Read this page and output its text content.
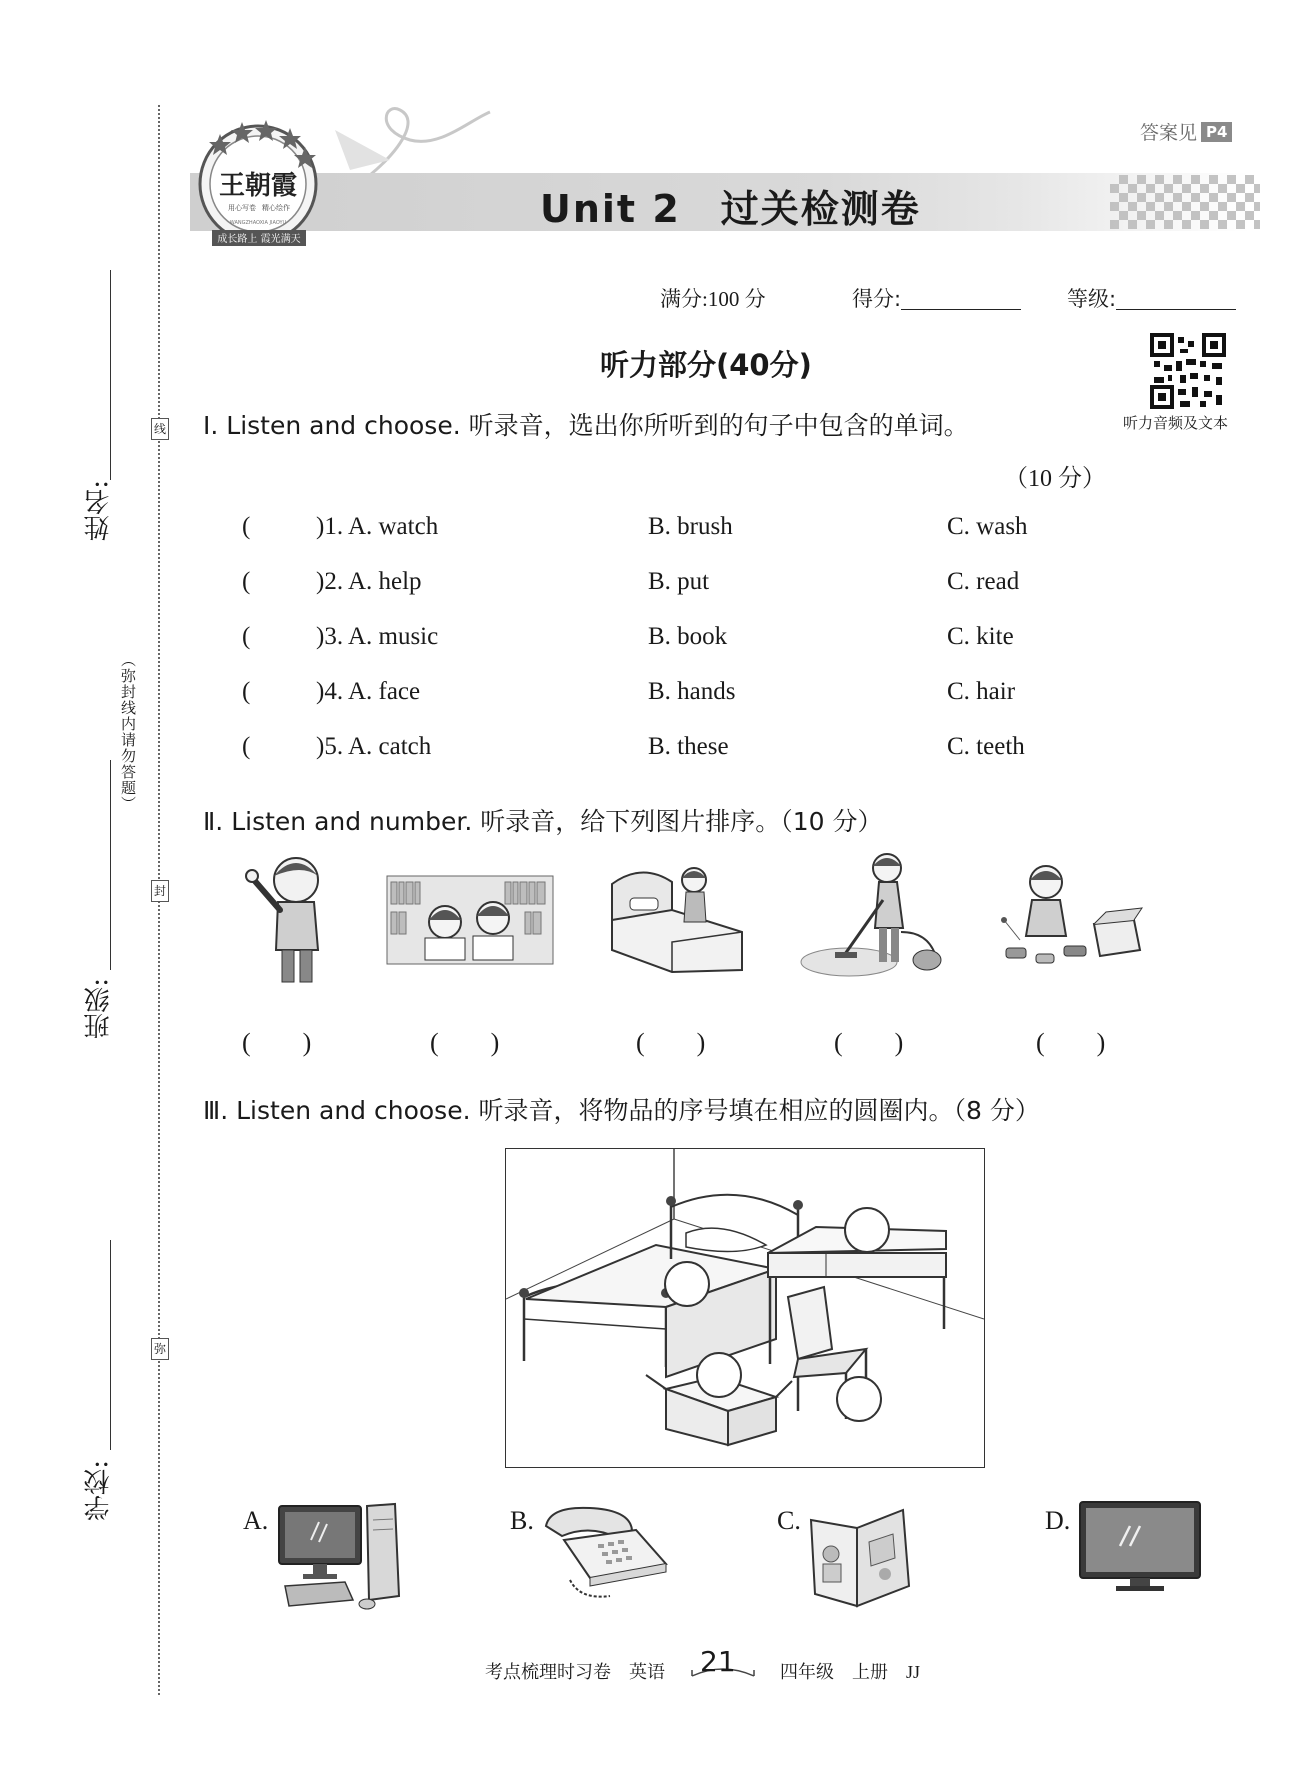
线
封
弥
姓名:
班级:
学校:
（弥封线内请勿答题）
王朝霞
用心写卷 精心绘作
WANGZHAOXIA JIAOYU
成长路上 霞光满天
Unit 2　过关检测卷
答案见 P4
满分:100 分	得分:	等级:
听力部分(40分)
听力音频及文本
Ⅰ. Listen and choose. 听录音，选出你所听到的句子中包含的单词。
（10 分）
(	)1. A. watch	B. brush	C. wash
(	)2. A. help	B. put	C. read
(	)3. A. music	B. book	C. kite
(	)4. A. face	B. hands	C. hair
(	)5. A. catch	B. these	C. teeth
Ⅱ. Listen and number. 听录音，给下列图片排序。（10 分）
(　　)	(　　)	(　　)	(　　)	(　　)
Ⅲ. Listen and choose. 听录音，将物品的序号填在相应的圆圈内。（8 分）
A.	B.	C.	D.
考点梳理时习卷　英语 21 四年级　上册　JJ
